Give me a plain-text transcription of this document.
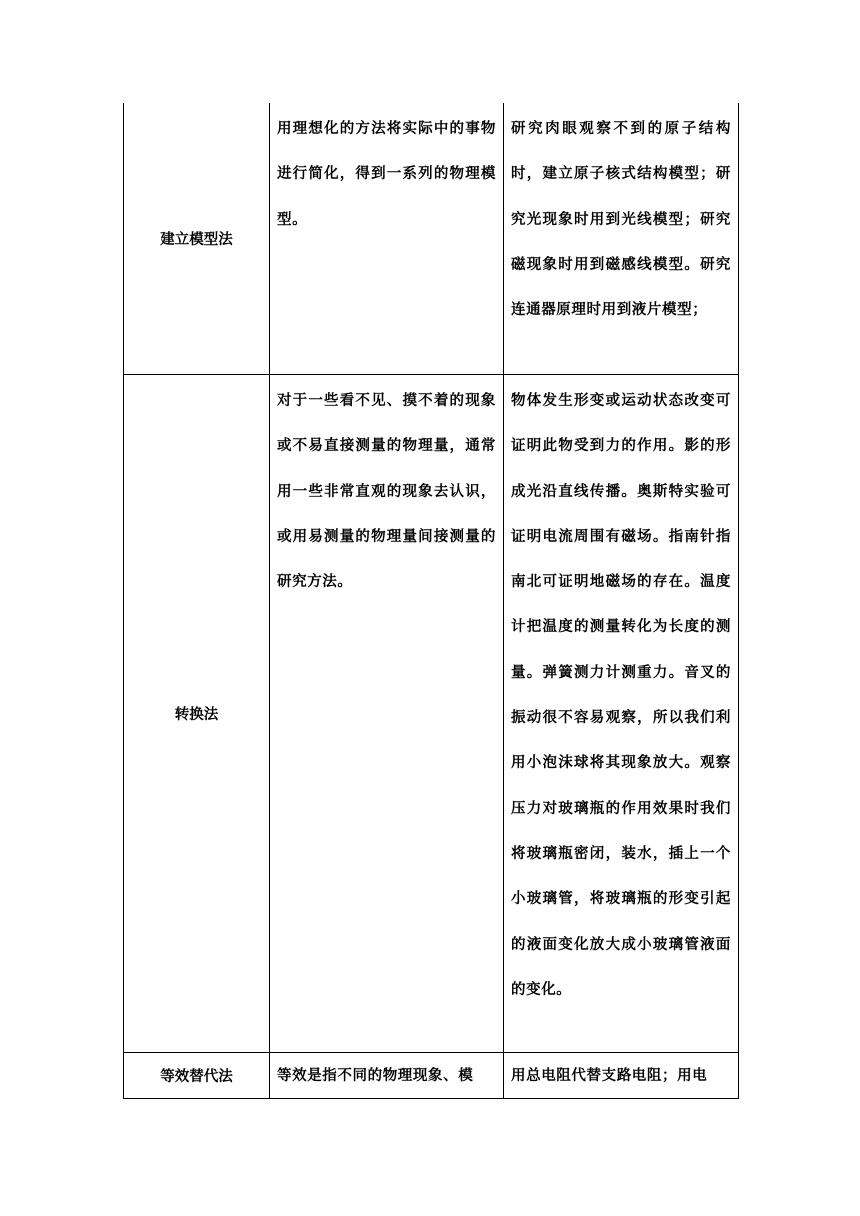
建立模型法	用理想化的方法将实际中的事物进行简化，得到一系列的物理模型。	研究肉眼观察不到的原子结构时，建立原子核式结构模型；研究光现象时用到光线模型；研究磁现象时用到磁感线模型。研究连通器原理时用到液片模型；

转换法	对于一些看不见、摸不着的现象或不易直接测量的物理量，通常用一些非常直观的现象去认识，或用易测量的物理量间接测量的研究方法。	物体发生形变或运动状态改变可证明此物受到力的作用。影的形成光沿直线传播。奥斯特实验可证明电流周围有磁场。指南针指南北可证明地磁场的存在。温度计把温度的测量转化为长度的测量。弹簧测力计测重力。音叉的振动很不容易观察，所以我们利用小泡沫球将其现象放大。观察压力对玻璃瓶的作用效果时我们将玻璃瓶密闭，装水，插上一个小玻璃管，将玻璃瓶的形变引起的液面变化放大成小玻璃管液面的变化。

等效替代法	等效是指不同的物理现象、模	用总电阻代替支路电阻；用电
